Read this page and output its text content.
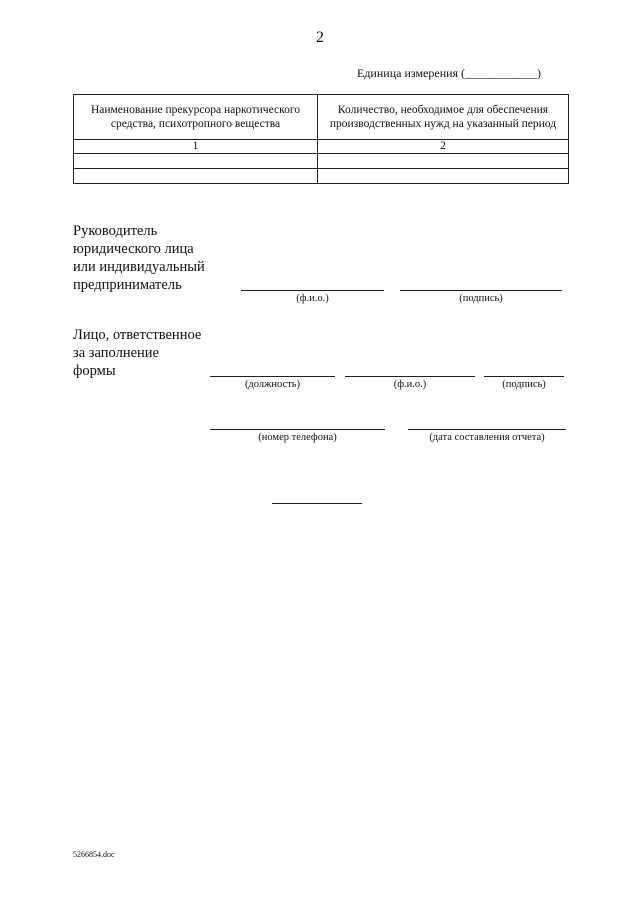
2
Единица измерения (____________)
Наименование прекурсора наркотического средства, психотропного вещества	Количество, необходимое для обеспечения производственных нужд на указанный период
1	2

Руководитель
юридического лица
или индивидуальный
предприниматель
(ф.и.о.)	(подпись)
Лицо, ответственное
за заполнение
формы
(должность)	(ф.и.о.)	(подпись)
(номер телефона)	(дата составления отчета)
5266854.doc
